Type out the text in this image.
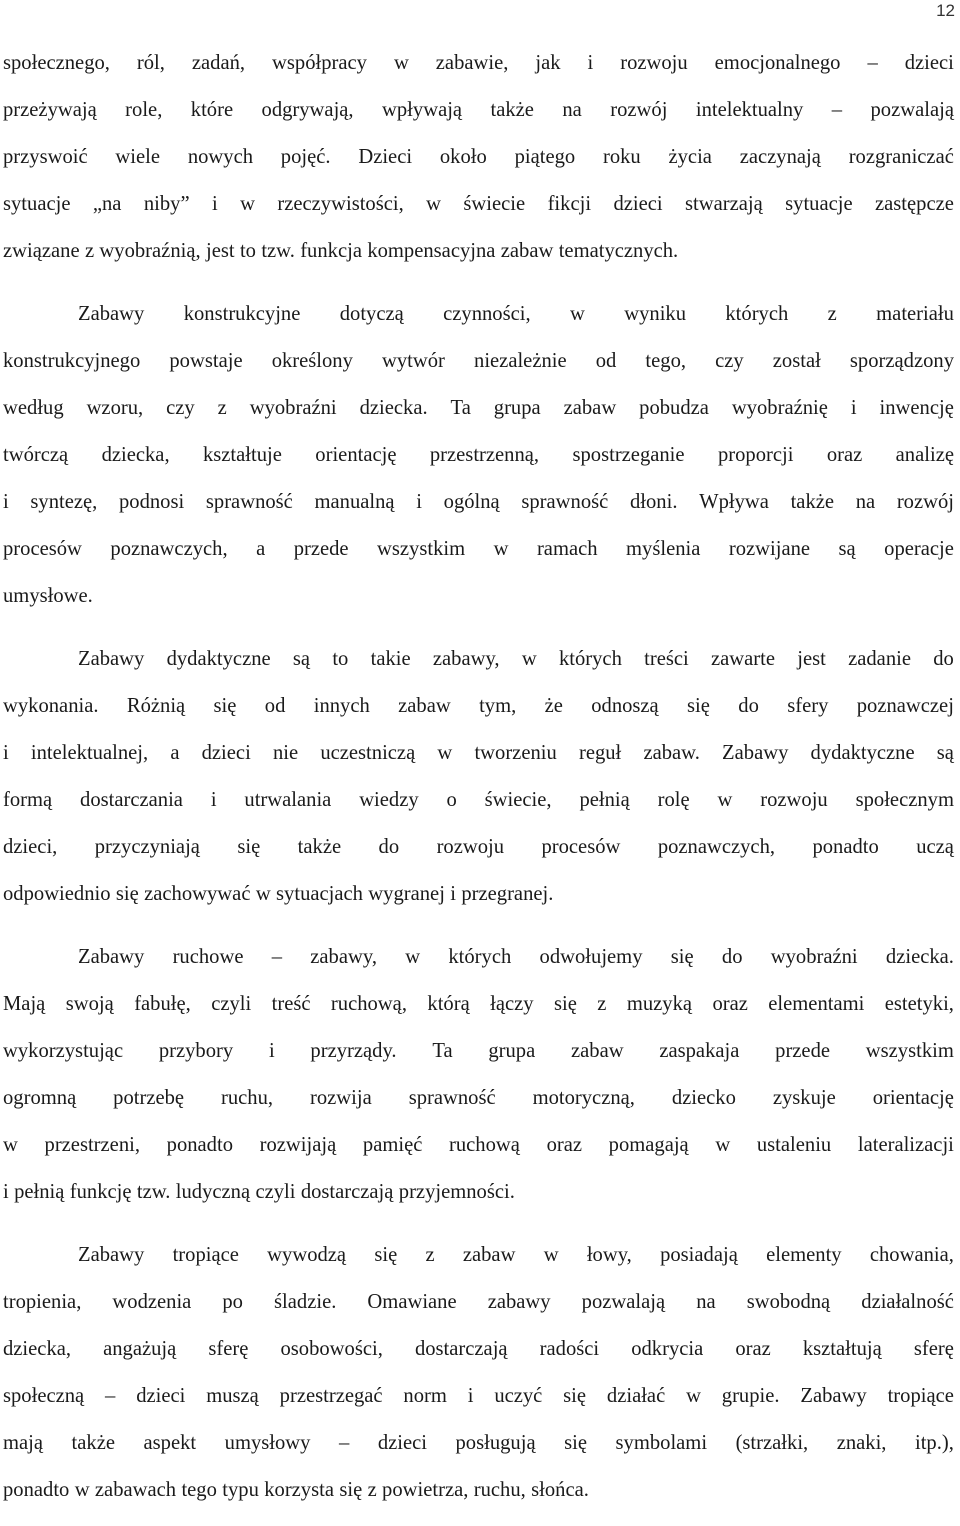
12
społecznego, ról, zadań, współpracy w zabawie, jak i rozwoju emocjonalnego – dzieci
przeżywają role, które odgrywają, wpływają także na rozwój intelektualny – pozwalają
przyswoić wiele nowych pojęć. Dzieci około piątego roku życia zaczynają rozgraniczać
sytuacje „na niby” i w rzeczywistości, w świecie fikcji dzieci stwarzają sytuacje zastępcze
związane z wyobraźnią, jest to tzw. funkcja kompensacyjna zabaw tematycznych.
Zabawy konstrukcyjne dotyczą czynności, w wyniku których z materiału
konstrukcyjnego powstaje określony wytwór niezależnie od tego, czy został sporządzony
według wzoru, czy z wyobraźni dziecka. Ta grupa zabaw pobudza wyobraźnię i inwencję
twórczą dziecka, kształtuje orientację przestrzenną, spostrzeganie proporcji oraz analizę
i syntezę, podnosi sprawność manualną i ogólną sprawność dłoni. Wpływa także na rozwój
procesów poznawczych, a przede wszystkim w ramach myślenia rozwijane są operacje
umysłowe.
Zabawy dydaktyczne są to takie zabawy, w których treści zawarte jest zadanie do
wykonania. Różnią się od innych zabaw tym, że odnoszą się do sfery poznawczej
i intelektualnej, a dzieci nie uczestniczą w tworzeniu reguł zabaw. Zabawy dydaktyczne są
formą dostarczania i utrwalania wiedzy o świecie, pełnią rolę w rozwoju społecznym
dzieci, przyczyniają się także do rozwoju procesów poznawczych, ponadto uczą
odpowiednio się zachowywać w sytuacjach wygranej i przegranej.
Zabawy ruchowe – zabawy, w których odwołujemy się do wyobraźni dziecka.
Mają swoją fabułę, czyli treść ruchową, którą łączy się z muzyką oraz elementami estetyki,
wykorzystując przybory i przyrządy. Ta grupa zabaw zaspakaja przede wszystkim
ogromną potrzebę ruchu, rozwija sprawność motoryczną, dziecko zyskuje orientację
w przestrzeni, ponadto rozwijają pamięć ruchową oraz pomagają w ustaleniu lateralizacji
i pełnią funkcję tzw. ludyczną czyli dostarczają przyjemności.
Zabawy tropiące wywodzą się z zabaw w łowy, posiadają elementy chowania,
tropienia, wodzenia po śladzie. Omawiane zabawy pozwalają na swobodną działalność
dziecka, angażują sferę osobowości, dostarczają radości odkrycia oraz kształtują sferę
społeczną – dzieci muszą przestrzegać norm i uczyć się działać w grupie. Zabawy tropiące
mają także aspekt umysłowy – dzieci posługują się symbolami (strzałki, znaki, itp.),
ponadto w zabawach tego typu korzysta się z powietrza, ruchu, słońca.
